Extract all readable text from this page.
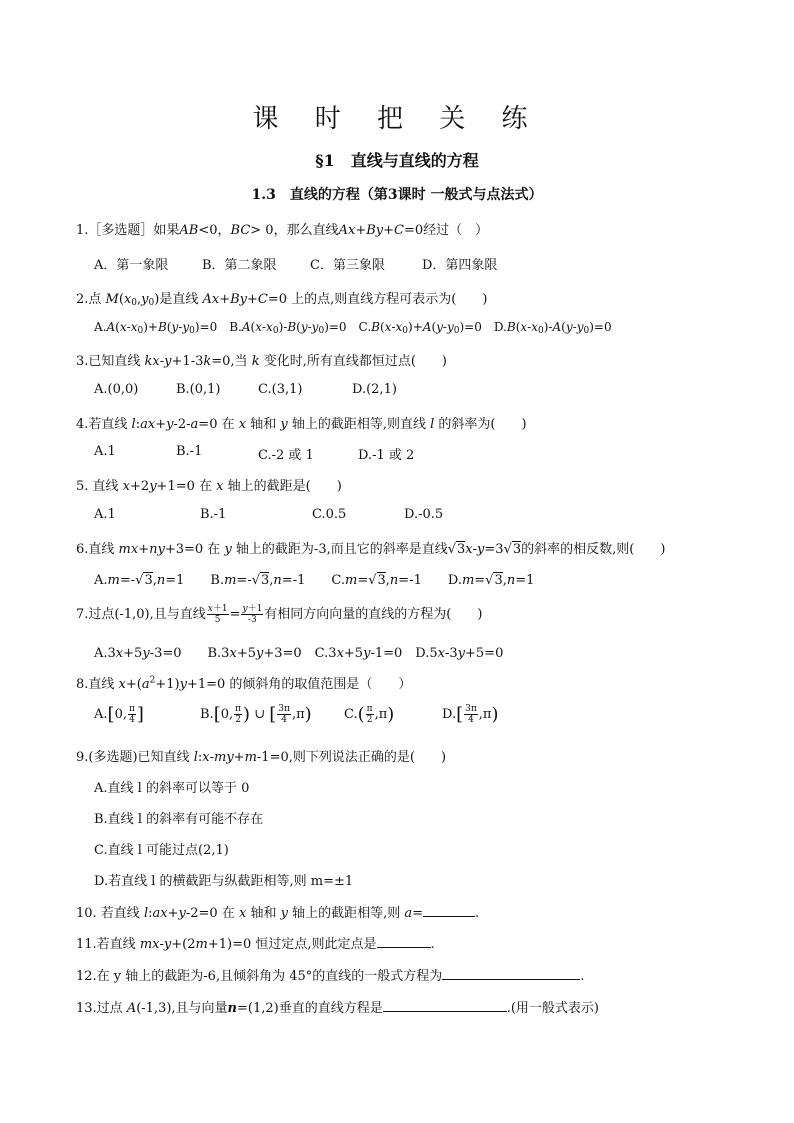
课 时 把 关 练
§1　直线与直线的方程
1.3　直线的方程（第3课时 一般式与点法式）
1.［多选题］如果AB<0，BC> 0，那么直线Ax+By+C=0经过（　）
A．第一象限	B．第二象限	C．第三象限	D．第四象限
2.点 $M(x_0,y_0)$是直线 Ax+By+C=0 上的点,则直线方程可表示为(　　)
$A.A(x-x_0)+B(y-y_0)=0$　$B.A(x-x_0)-B(y-y_0)=0$　$C.B(x-x_0)+A(y-y_0)=0$　$D.B(x-x_0)-A(y-y_0)=0$
3.已知直线 kx-y+1-3k=0,当 k 变化时,所有直线都恒过点(　　)
A.(0,0)	B.(0,1)	C.(3,1)	D.(2,1)
4.若直线 l:ax+y-2-a=0 在 x 轴和 y 轴上的截距相等,则直线 l 的斜率为(　　)
A.1	B.-1	C.-2 或 1	D.-1 或 2
5. 直线 x+2y+1=0 在 x 轴上的截距是(　　)
A.1	B.-1	C.0.5	D.-0.5
6.直线 mx+ny+3=0 在 y 轴上的截距为-3,而且它的斜率是直线√3x-y=3√3的斜率的相反数,则(　　)
A.m=-√3,n=1　　B.m=-√3,n=-1　　C.m=√3,n=-1　　D.m=√3,n=1
7.过点(-1,0),且与直线 $\frac{x+1}{5} = \frac{y+1}{-3}$ 有相同方向向量的直线的方程为(　　)
A.3x+5y-3=0　　B.3x+5y+3=0　C.3x+5y-1=0　D.5x-3y+5=0
8.直线 $x+(a^2+1)y+1=0$ 的倾斜角的取值范围是（　　）
A.[0, $\frac{\pi}{4}$ ]	B.[0, $\frac{\pi}{2}$ ) ∪ [ $\frac{3\pi}{4} ,\pi$) $C.( \frac{\pi}{2} ,\pi)$	$D.[ \frac{3\pi}{4} ,\pi)$
9.(多选题)已知直线 l:x-my+m-1=0,则下列说法正确的是(　　)
A.直线 l 的斜率可以等于 0
B.直线 l 的斜率有可能不存在
C.直线 l 可能过点(2,1)
D.若直线 l 的横截距与纵截距相等,则 m=±1
10. 若直线 l:ax+y-2=0 在 x 轴和 y 轴上的截距相等,则 a=	.
11.若直线 mx-y+(2m+1)=0 恒过定点,则此定点是	.
12.在 y 轴上的截距为-6,且倾斜角为 45°的直线的一般式方程为	.
13.过点 A(-1,3),且与向量n=(1,2)垂直的直线方程是	.(用一般式表示)
